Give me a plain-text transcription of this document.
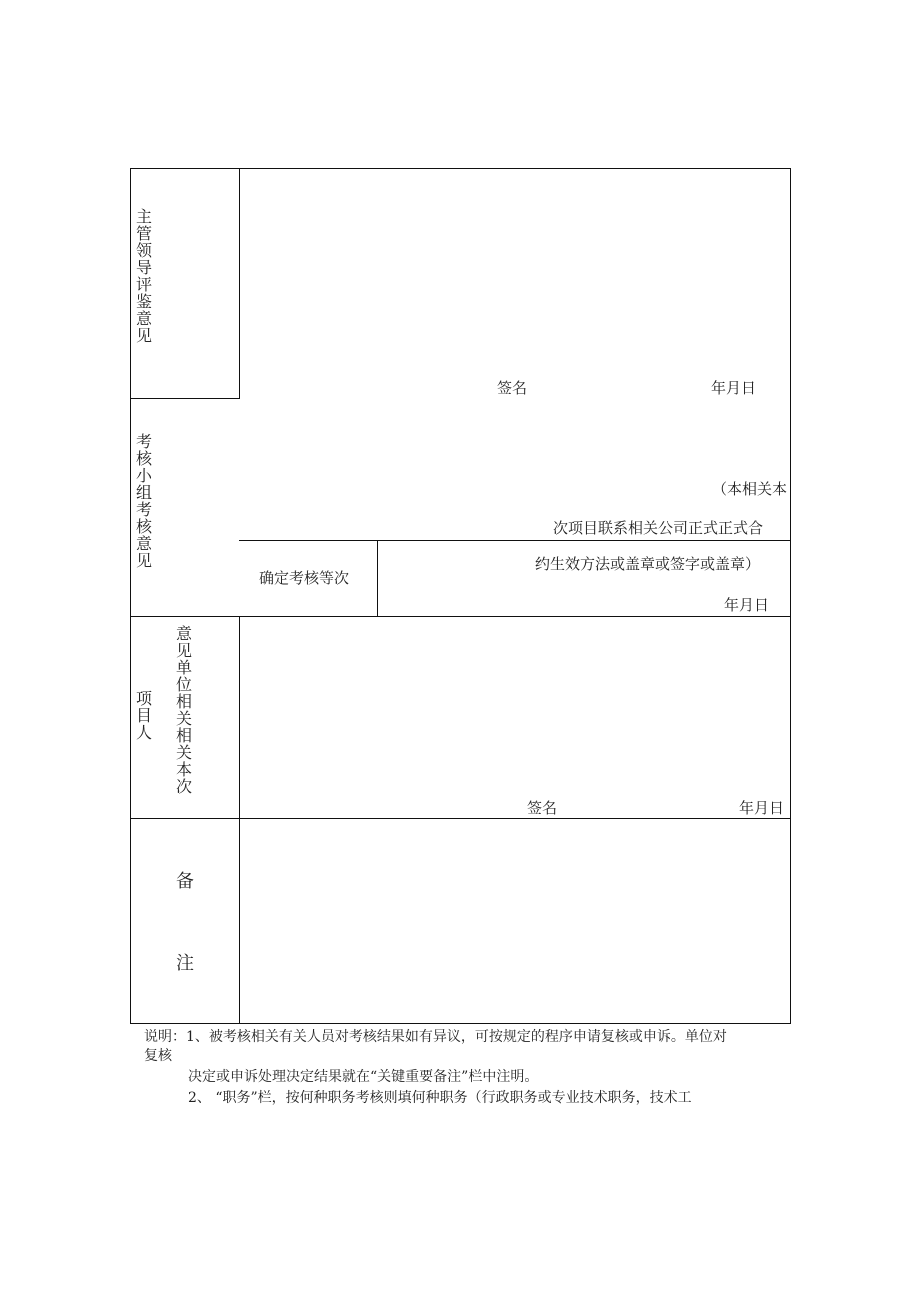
主管领导评鉴意见
签名	年月日
考核小组考核意见
（本相关本
次项目联系相关公司正式正式合
确定考核等次
约生效方法或盖章或签字或盖章）
年月日
项目人
意见单位相关相关本次
签名	年月日
备
注
说明：1、被考核相关有关人员对考核结果如有异议，可按规定的程序申请复核或申诉。单位对
复核
决定或申诉处理决定结果就在“关键重要备注”栏中注明。
2、 “职务”栏，按何种职务考核则填何种职务（行政职务或专业技术职务，技术工
